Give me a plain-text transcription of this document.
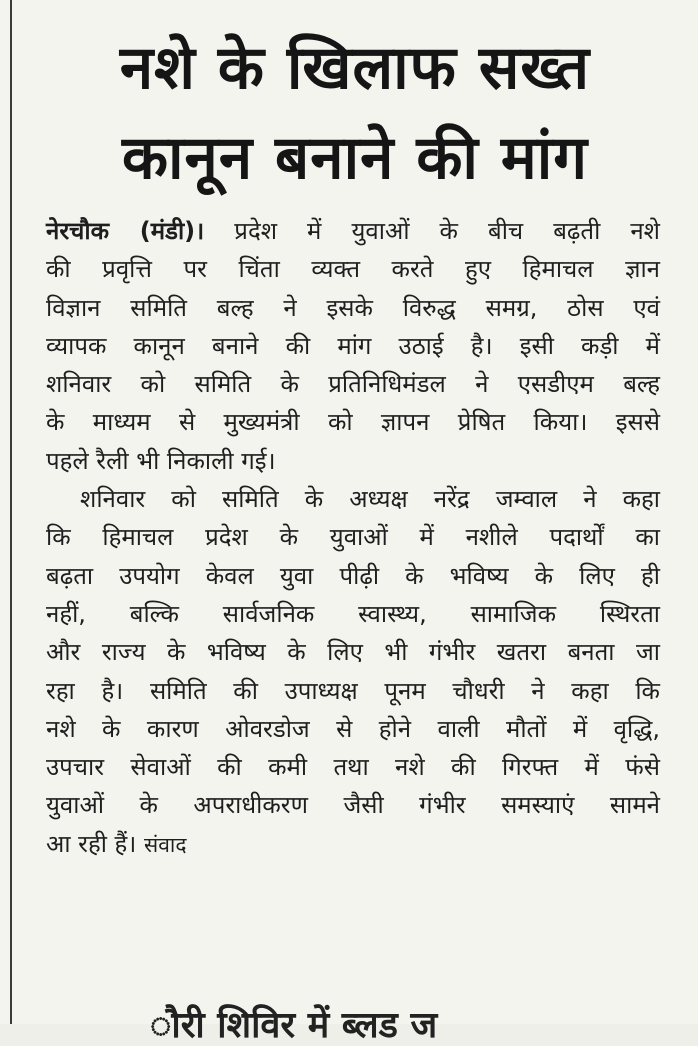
नशे के खिलाफ सख्त
कानून बनाने की मांग
नेरचौक (मंडी)। प्रदेश में युवाओं के बीच बढ़ती नशे
की प्रवृत्ति पर चिंता व्यक्त करते हुए हिमाचल ज्ञान
विज्ञान समिति बल्ह ने इसके विरुद्ध समग्र, ठोस एवं
व्यापक कानून बनाने की मांग उठाई है। इसी कड़ी में
शनिवार को समिति के प्रतिनिधिमंडल ने एसडीएम बल्ह
के माध्यम से मुख्यमंत्री को ज्ञापन प्रेषित किया। इससे
पहले रैली भी निकाली गई।
शनिवार को समिति के अध्यक्ष नरेंद्र जम्वाल ने कहा
कि हिमाचल प्रदेश के युवाओं में नशीले पदार्थों का
बढ़ता उपयोग केवल युवा पीढ़ी के भविष्य के लिए ही
नहीं, बल्कि सार्वजनिक स्वास्थ्य, सामाजिक स्थिरता
और राज्य के भविष्य के लिए भी गंभीर खतरा बनता जा
रहा है। समिति की उपाध्यक्ष पूनम चौधरी ने कहा कि
नशे के कारण ओवरडोज से होने वाली मौतों में वृद्धि,
उपचार सेवाओं की कमी तथा नशे की गिरफ्त में फंसे
युवाओं के अपराधीकरण जैसी गंभीर समस्याएं सामने
आ रही हैं। संवाद
ौरी शिविर में ब्लड ज
